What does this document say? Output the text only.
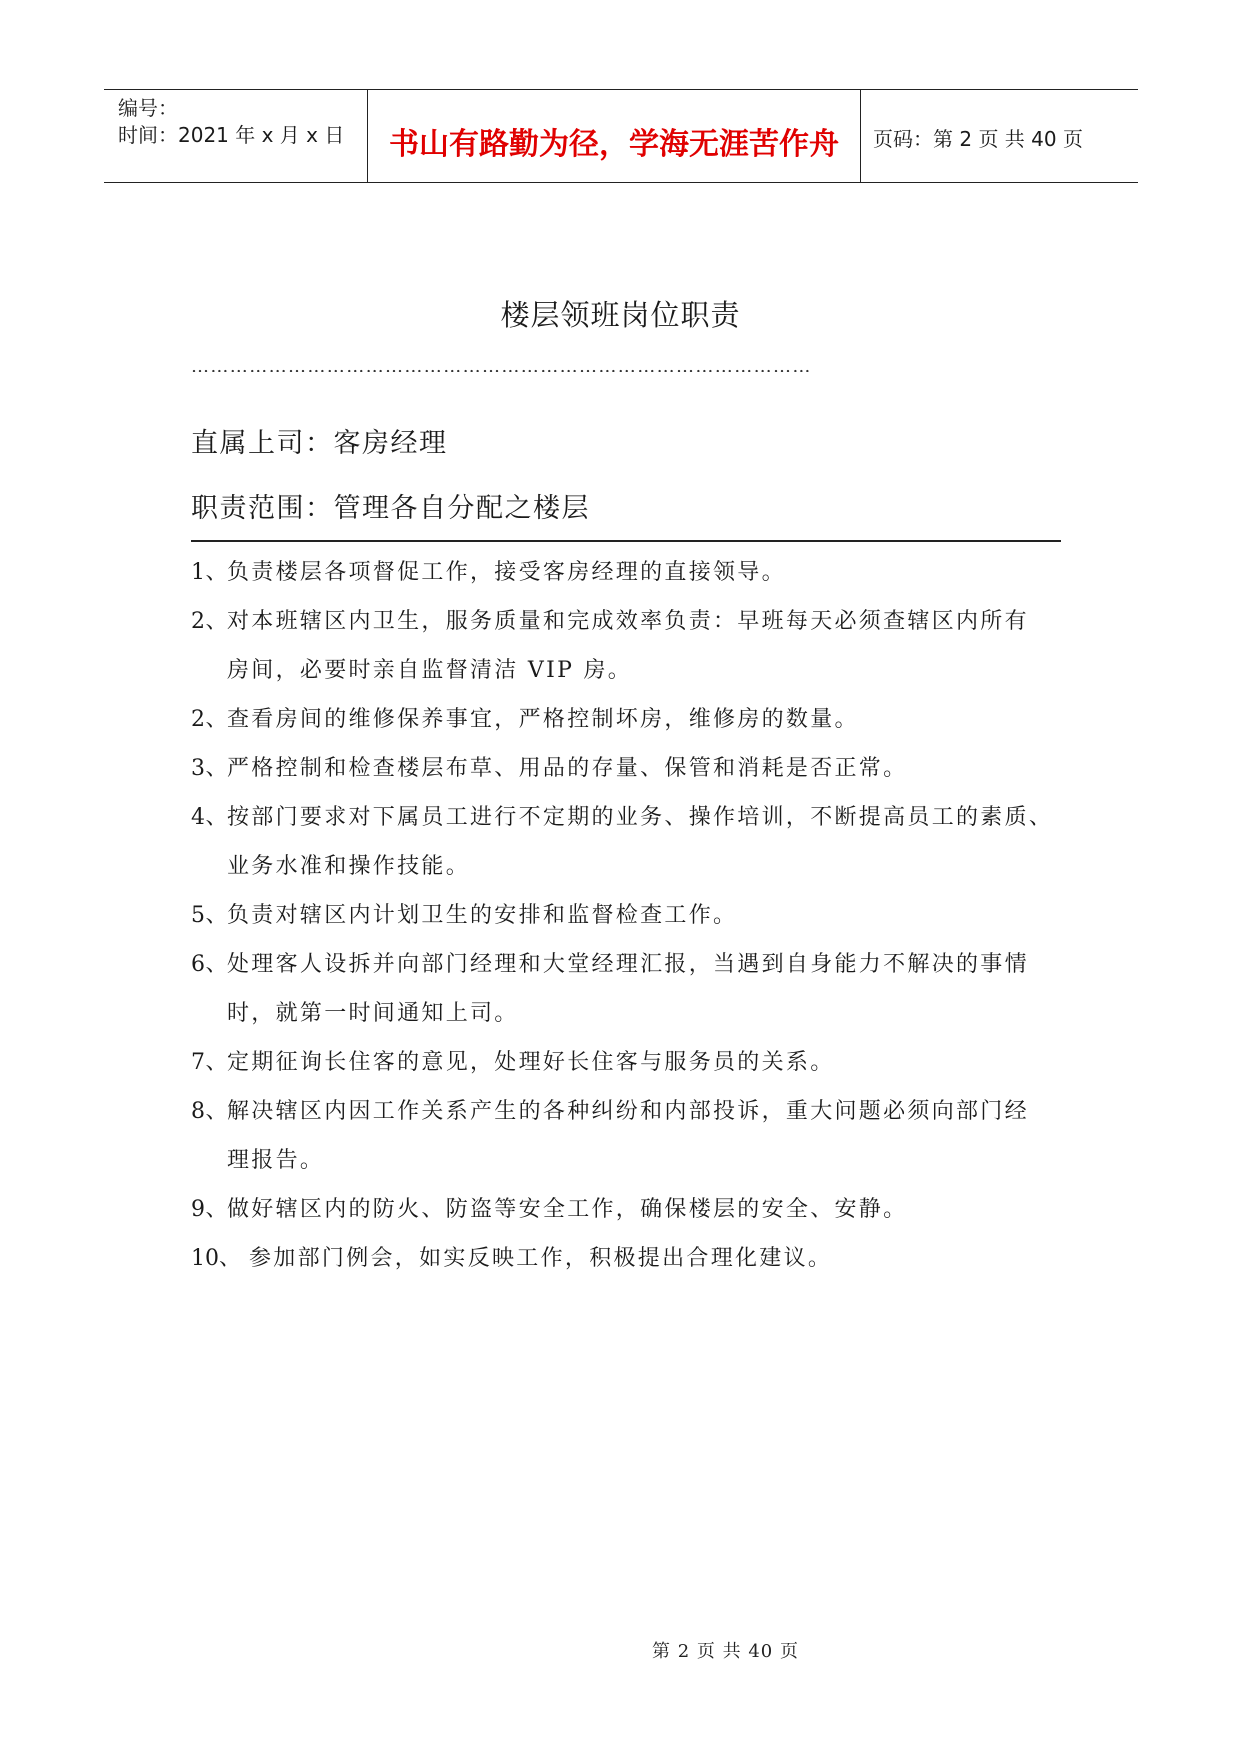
编号：
时间：2021 年 x 月 x 日	书山有路勤为径，学海无涯苦作舟	页码：第 2 页 共 40 页
楼层领班岗位职责
……………………………………………………………………………………
直属上司：客房经理
职责范围：管理各自分配之楼层
1、 负责楼层各项督促工作，接受客房经理的直接领导。
2、 对本班辖区内卫生，服务质量和完成效率负责：早班每天必须查辖区内所有
房间，必要时亲自监督清洁 VIP 房。
2、 查看房间的维修保养事宜，严格控制坏房，维修房的数量。
3、 严格控制和检查楼层布草、用品的存量、保管和消耗是否正常。
4、 按部门要求对下属员工进行不定期的业务、操作培训，不断提高员工的素质、
业务水准和操作技能。
5、 负责对辖区内计划卫生的安排和监督检查工作。
6、 处理客人设拆并向部门经理和大堂经理汇报，当遇到自身能力不解决的事情
时，就第一时间通知上司。
7、 定期征询长住客的意见，处理好长住客与服务员的关系。
8、 解决辖区内因工作关系产生的各种纠纷和内部投诉，重大问题必须向部门经
理报告。
9、 做好辖区内的防火、防盗等安全工作，确保楼层的安全、安静。
10、 参加部门例会，如实反映工作，积极提出合理化建议。
第 2 页 共 40 页
